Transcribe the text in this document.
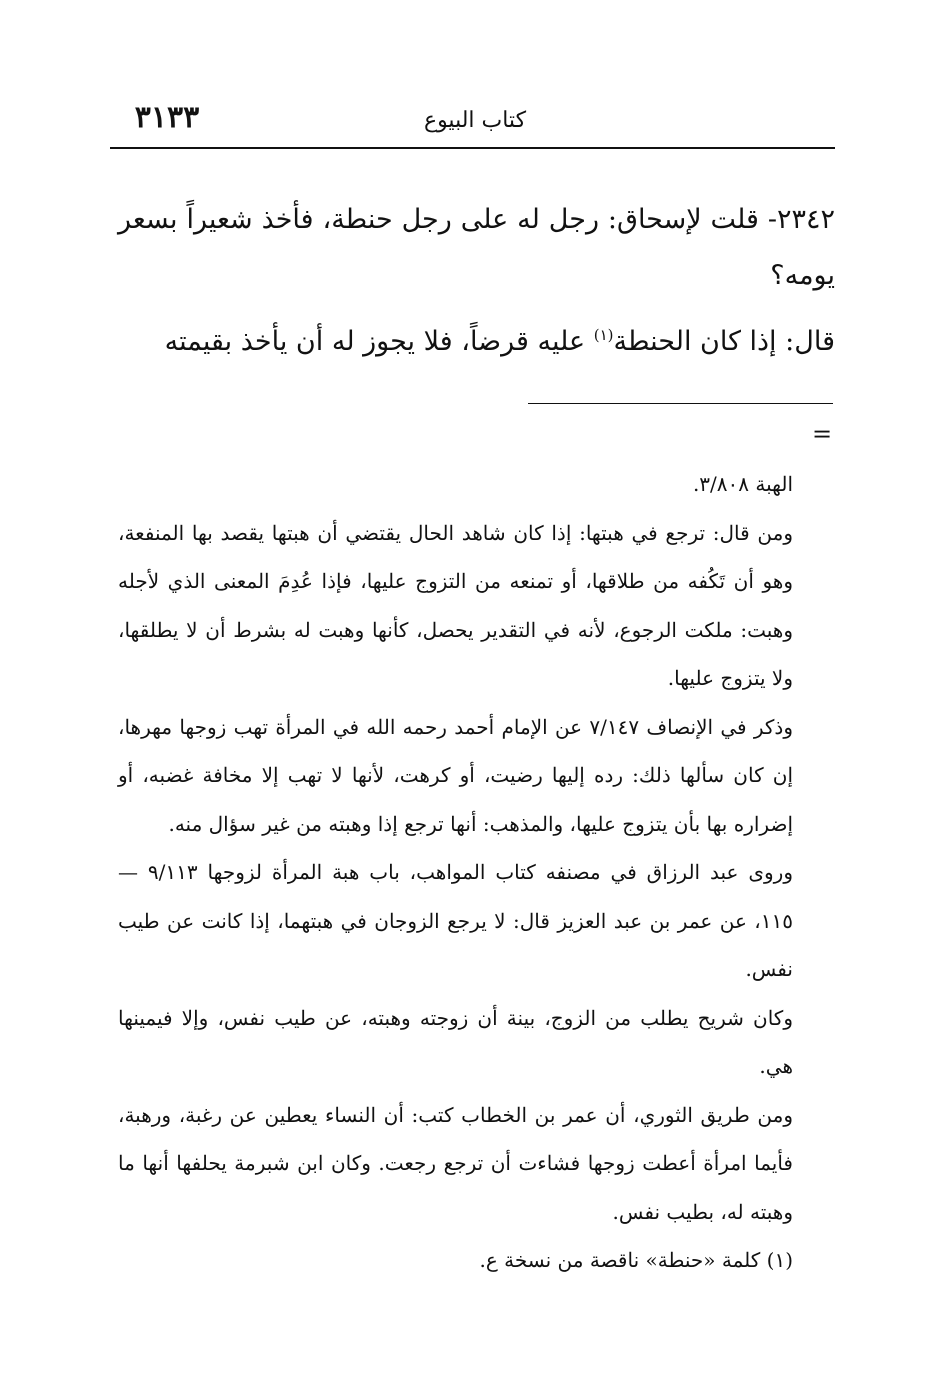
كتاب البيوع
٣١٣٣

٢٣٤٢- قلت لإسحاق: رجل له على رجل حنطة، فأخذ شعيراً بسعر يومه؟

قال: إذا كان الحنطة$^{(١)}$ عليه قرضاً، فلا يجوز له أن يأخذ بقيمته

=

الهبة ٣/٨٠٨.

ومن قال: ترجع في هبتها: إذا كان شاهد الحال يقتضي أن هبتها يقصد بها المنفعة، وهو أن تَكُفه من طلاقها، أو تمنعه من التزوج عليها، فإذا عُدِمَ المعنى الذي لأجله وهبت: ملكت الرجوع، لأنه في التقدير يحصل، كأنها وهبت له بشرط أن لا يطلقها، ولا يتزوج عليها.

وذكر في الإنصاف ٧/١٤٧ عن الإمام أحمد رحمه الله في المرأة تهب زوجها مهرها، إن كان سألها ذلك: رده إليها رضيت، أو كرهت، لأنها لا تهب إلا مخافة غضبه، أو إضراره بها بأن يتزوج عليها، والمذهب: أنها ترجع إذا وهبته من غير سؤال منه.

وروى عبد الرزاق في مصنفه كتاب المواهب، باب هبة المرأة لزوجها ٩/١١٣ — ١١٥، عن عمر بن عبد العزيز قال: لا يرجع الزوجان في هبتهما، إذا كانت عن طيب نفس.

وكان شريح يطلب من الزوج، بينة أن زوجته وهبته، عن طيب نفس، وإلا فيمينها هي.

ومن طريق الثوري، أن عمر بن الخطاب كتب: أن النساء يعطين عن رغبة، ورهبة، فأيما امرأة أعطت زوجها فشاءت أن ترجع رجعت. وكان ابن شبرمة يحلفها أنها ما وهبته له، بطيب نفس.

(١) كلمة «حنطة» ناقصة من نسخة ع.
